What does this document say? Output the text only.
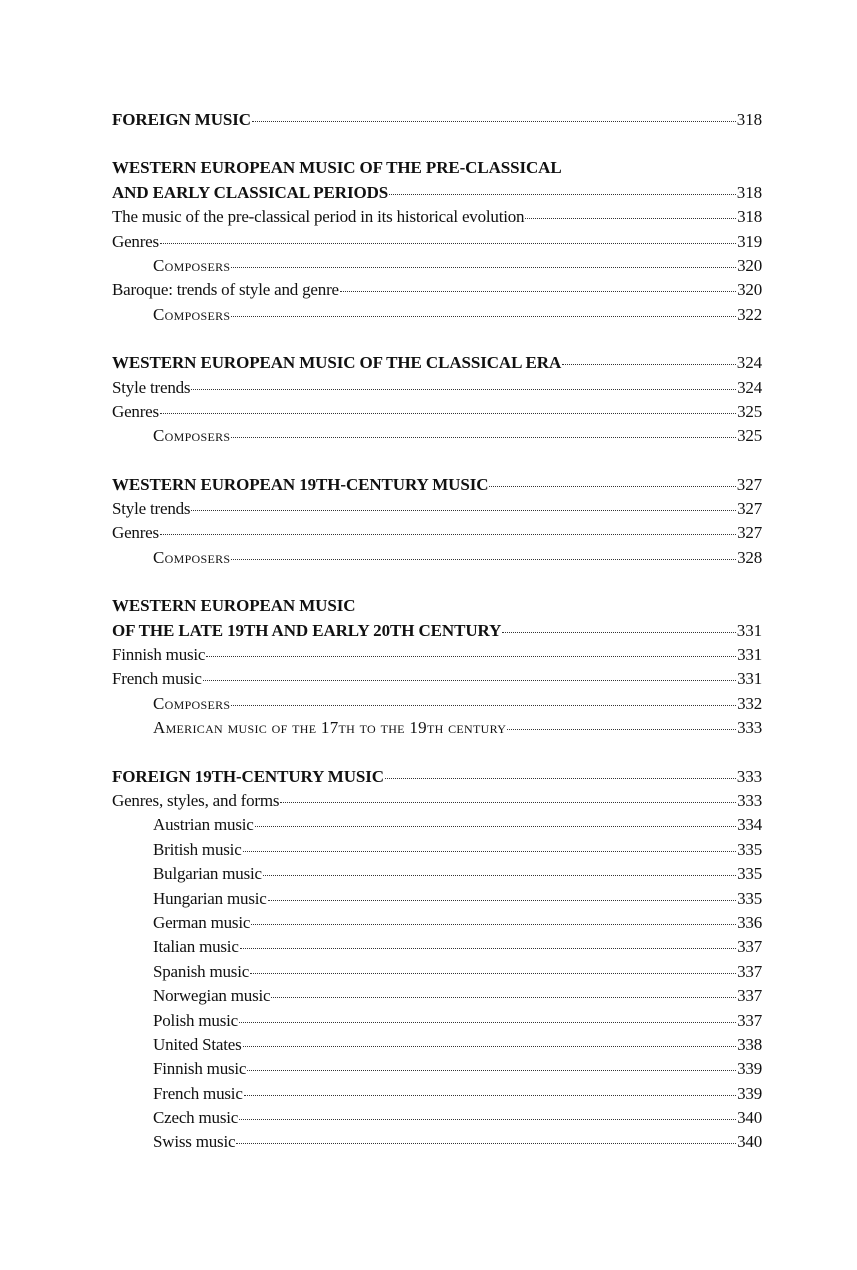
FOREIGN MUSIC	318
WESTERN EUROPEAN MUSIC OF THE PRE-CLASSICAL
AND EARLY CLASSICAL PERIODS	318
The music of the pre-classical period in its historical evolution	318
Genres	319
Composers	320
Baroque: trends of style and genre	320
Composers	322
WESTERN EUROPEAN MUSIC OF THE CLASSICAL ERA	324
Style trends	324
Genres	325
Composers	325
WESTERN EUROPEAN 19TH-CENTURY MUSIC	327
Style trends	327
Genres	327
Composers	328
WESTERN EUROPEAN MUSIC
OF THE LATE 19TH AND EARLY 20TH CENTURY	331
Finnish music	331
French music	331
Composers	332
American music of the 17th to the 19th century	333
FOREIGN 19TH-CENTURY MUSIC	333
Genres, styles, and forms	333
Austrian music	334
British music	335
Bulgarian music	335
Hungarian music	335
German music	336
Italian music	337
Spanish music	337
Norwegian music	337
Polish music	337
United States	338
Finnish music	339
French music	339
Czech music	340
Swiss music	340
